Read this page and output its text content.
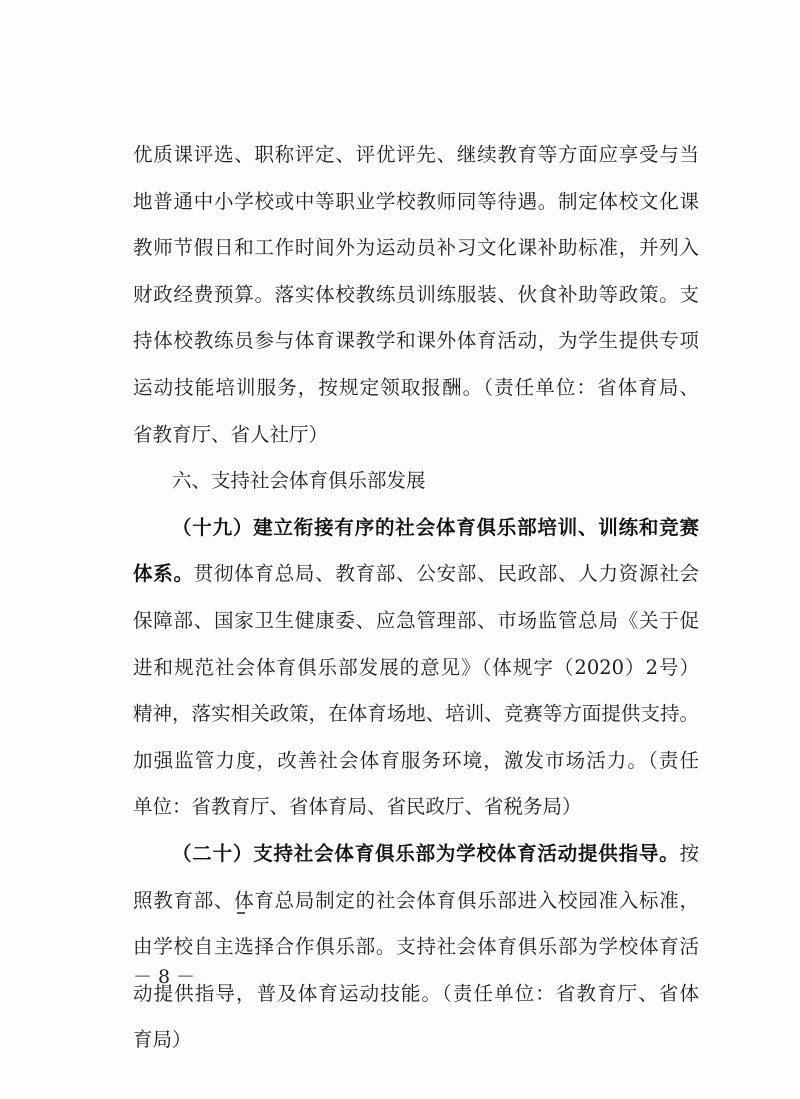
优质课评选、职称评定、评优评先、继续教育等方面应享受与当
地普通中小学校或中等职业学校教师同等待遇。制定体校文化课
教师节假日和工作时间外为运动员补习文化课补助标准，并列入
财政经费预算。落实体校教练员训练服装、伙食补助等政策。支
持体校教练员参与体育课教学和课外体育活动，为学生提供专项
运动技能培训服务，按规定领取报酬。（责任单位：省体育局、
省教育厅、省人社厅）
六、支持社会体育俱乐部发展
（十九）建立衔接有序的社会体育俱乐部培训、训练和竞赛
体系。贯彻体育总局、教育部、公安部、民政部、人力资源社会
保障部、国家卫生健康委、应急管理部、市场监管总局《关于促
进和规范社会体育俱乐部发展的意见》（体规字（2020）2号）
精神，落实相关政策，在体育场地、培训、竞赛等方面提供支持。
加强监管力度，改善社会体育服务环境，激发市场活力。（责任
单位：省教育厅、省体育局、省民政厅、省税务局）
（二十）支持社会体育俱乐部为学校体育活动提供指导。按
照教育部、体育总局制定的社会体育俱乐部进入校园准入标准，
由学校自主选择合作俱乐部。支持社会体育俱乐部为学校体育活
动提供指导，普及体育运动技能。（责任单位：省教育厅、省体
育局）
－ 8 －
